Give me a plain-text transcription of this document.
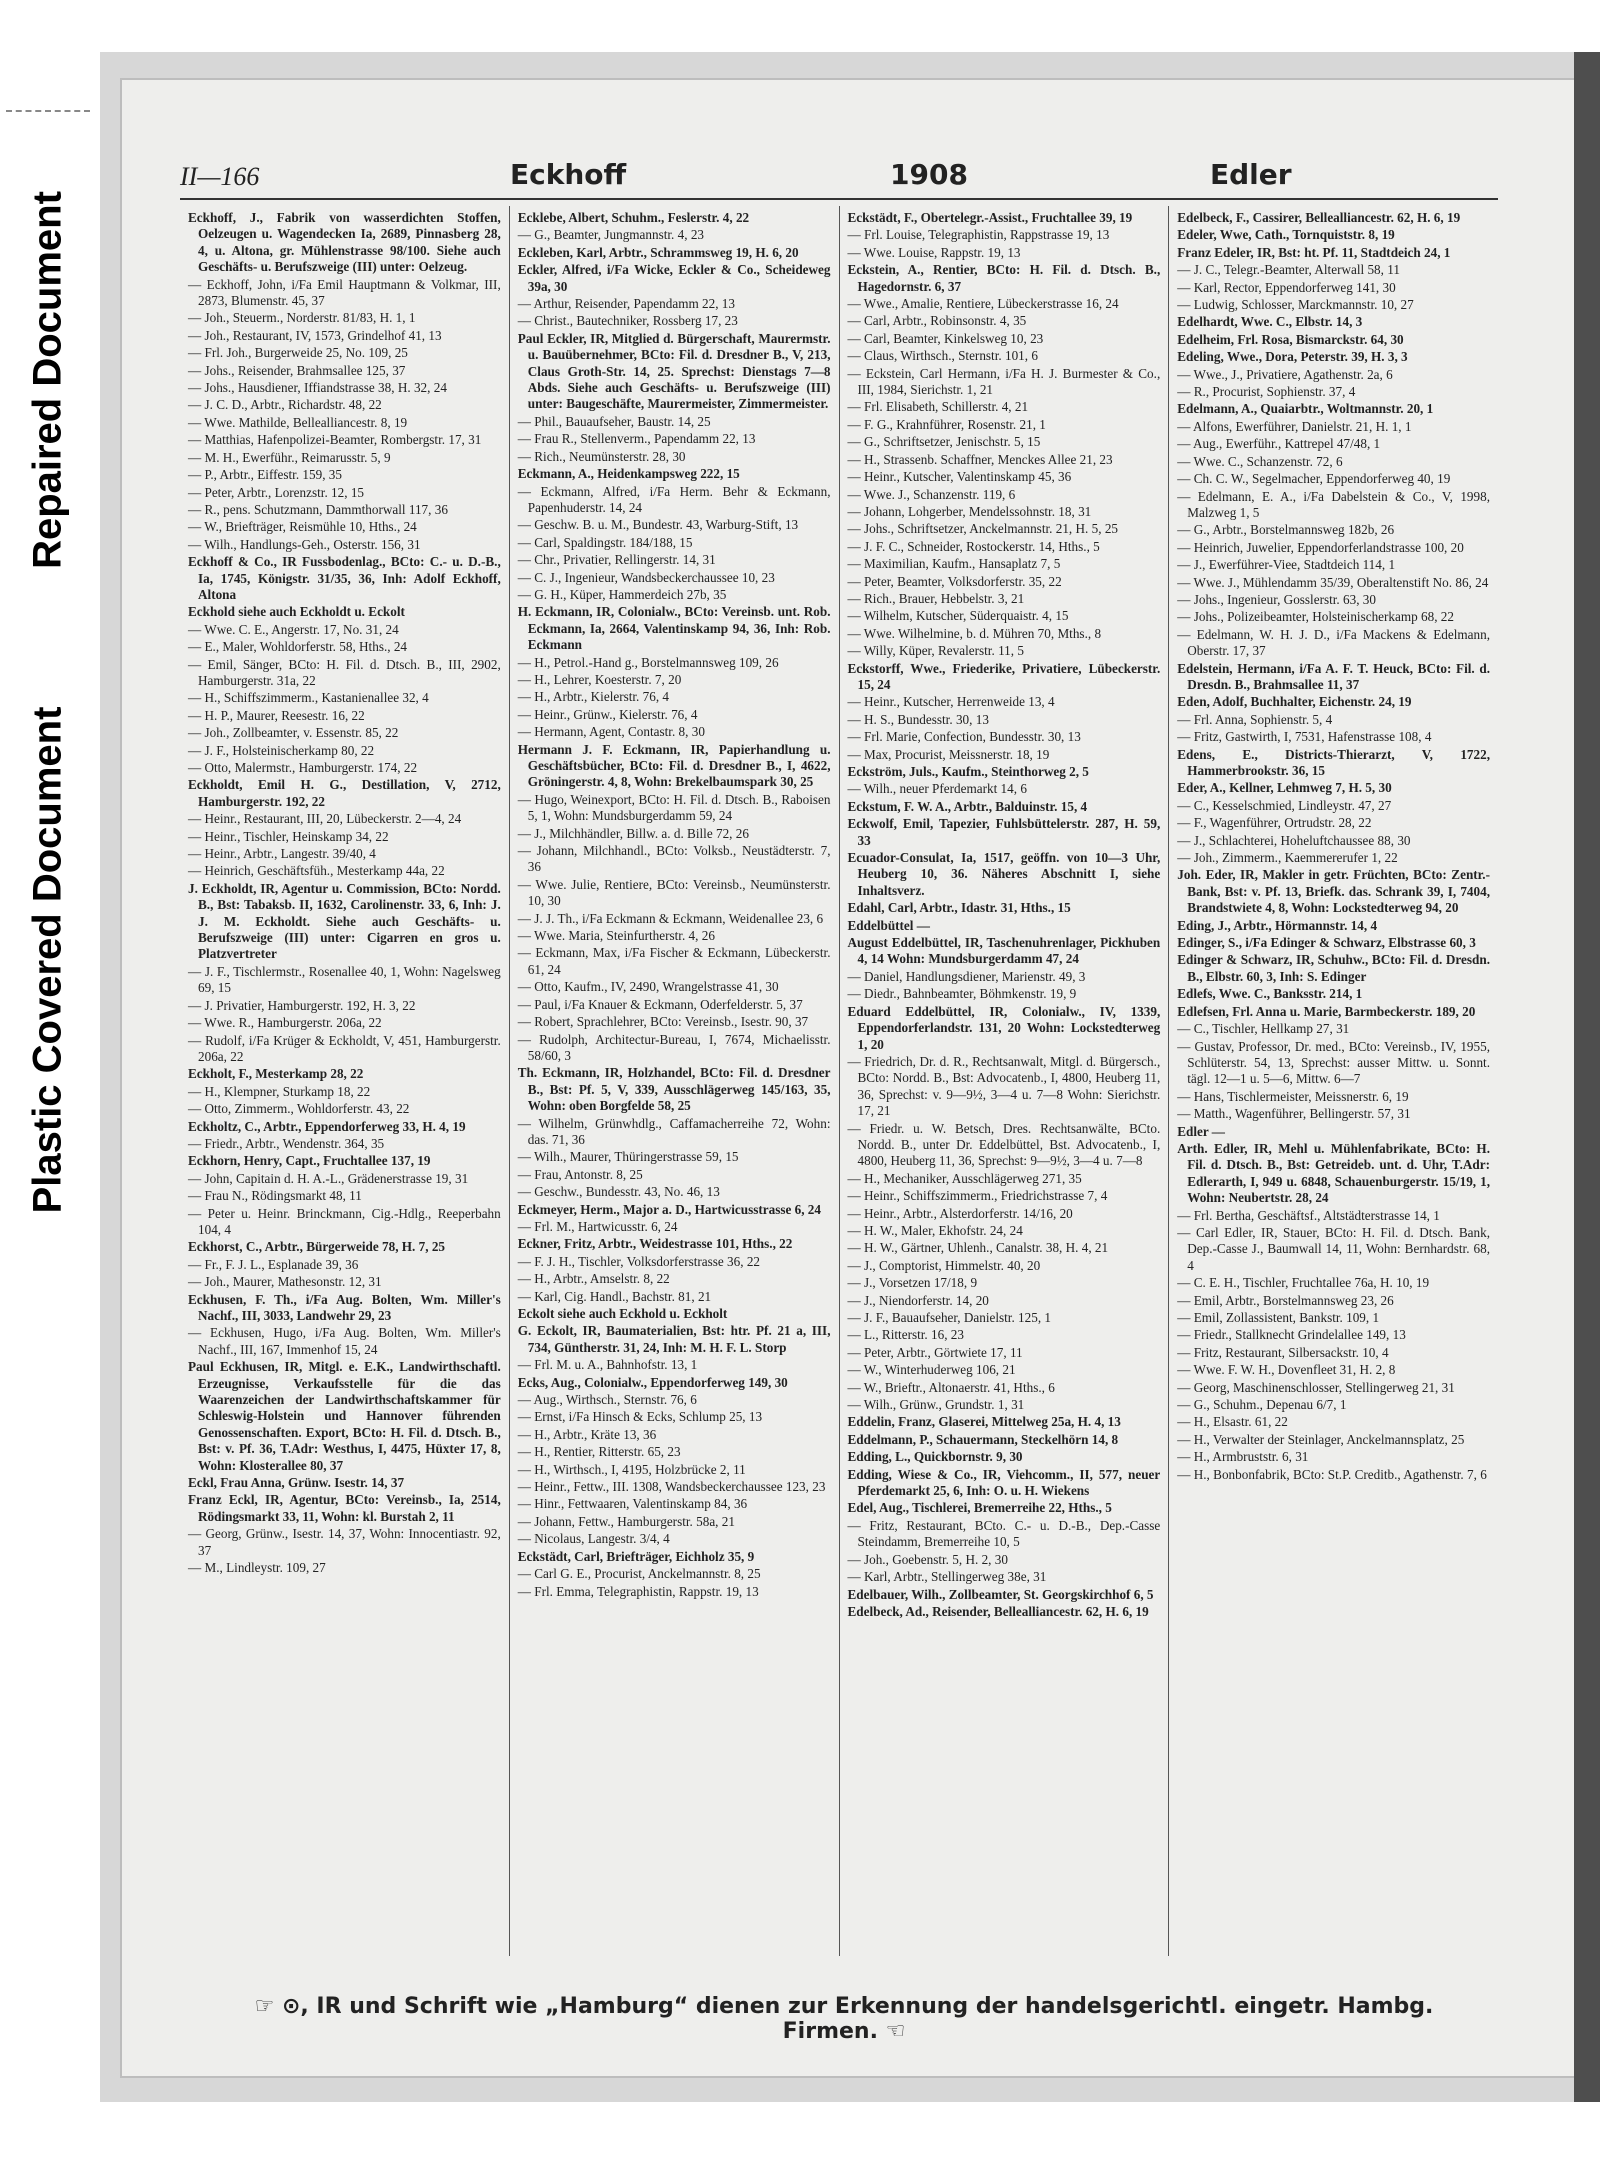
Repaired Document
Plastic Covered Document
II—166	Eckhoff	1908	Edler
Eckhoff, J., Fabrik von wasserdichten Stoffen, Oelzeugen u. Wagendecken Ia, 2689, Pinnasberg 28, 4, u. Altona, gr. Mühlenstrasse 98/100. Siehe auch Geschäfts- u. Berufszweige (III) unter: Oelzeug.
— Eckhoff, John, i/Fa Emil Hauptmann & Volkmar, III, 2873, Blumenstr. 45, 37
— Joh., Steuerm., Norderstr. 81/83, H. 1, 1
— Joh., Restaurant, IV, 1573, Grindelhof 41, 13
— Frl. Joh., Burgerweide 25, No. 109, 25
— Johs., Reisender, Brahmsallee 125, 37
— Johs., Hausdiener, Iffiandstrasse 38, H. 32, 24
— J. C. D., Arbtr., Richardstr. 48, 22
— Wwe. Mathilde, Bellealliancestr. 8, 19
— Matthias, Hafenpolizei-Beamter, Rombergstr. 17, 31
— M. H., Ewerführ., Reimarusstr. 5, 9
— P., Arbtr., Eiffestr. 159, 35
— Peter, Arbtr., Lorenzstr. 12, 15
— R., pens. Schutzmann, Dammthorwall 117, 36
— W., Briefträger, Reismühle 10, Hths., 24
— Wilh., Handlungs-Geh., Osterstr. 156, 31
Eckhoff & Co., IR Fussbodenlag., BCto: C.- u. D.-B., Ia, 1745, Königstr. 31/35, 36, Inh: Adolf Eckhoff, Altona
Eckhold siehe auch Eckholdt u. Eckolt
— Wwe. C. E., Angerstr. 17, No. 31, 24
— E., Maler, Wohldorferstr. 58, Hths., 24
— Emil, Sänger, BCto: H. Fil. d. Dtsch. B., III, 2902, Hamburgerstr. 31a, 22
— H., Schiffszimmerm., Kastanienallee 32, 4
— H. P., Maurer, Reesestr. 16, 22
— Joh., Zollbeamter, v. Essenstr. 85, 22
— J. F., Holsteinischerkamp 80, 22
— Otto, Malermstr., Hamburgerstr. 174, 22
Eckholdt, Emil H. G., Destillation, V, 2712, Hamburgerstr. 192, 22
— Heinr., Restaurant, III, 20, Lübeckerstr. 2—4, 24
— Heinr., Tischler, Heinskamp 34, 22
— Heinr., Arbtr., Langestr. 39/40, 4
— Heinrich, Geschäftsfüh., Mesterkamp 44a, 22
J. Eckholdt, IR, Agentur u. Commission, BCto: Nordd. B., Bst: Tabaksb. II, 1632, Carolinenstr. 33, 6, Inh: J. J. M. Eckholdt. Siehe auch Geschäfts- u. Berufszweige (III) unter: Cigarren en gros u. Platzvertreter
— J. F., Tischlermstr., Rosenallee 40, 1, Wohn: Nagelsweg 69, 15
— J. Privatier, Hamburgerstr. 192, H. 3, 22
— Wwe. R., Hamburgerstr. 206a, 22
— Rudolf, i/Fa Krüger & Eckholdt, V, 451, Hamburgerstr. 206a, 22
Eckholt, F., Mesterkamp 28, 22
— H., Klempner, Sturkamp 18, 22
— Otto, Zimmerm., Wohldorferstr. 43, 22
Eckholtz, C., Arbtr., Eppendorferweg 33, H. 4, 19
— Friedr., Arbtr., Wendenstr. 364, 35
Eckhorn, Henry, Capt., Fruchtallee 137, 19
— John, Capitain d. H. A.-L., Grädenerstrasse 19, 31
— Frau N., Rödingsmarkt 48, 11
— Peter u. Heinr. Brinckmann, Cig.-Hdlg., Reeperbahn 104, 4
Eckhorst, C., Arbtr., Bürgerweide 78, H. 7, 25
— Fr., F. J. L., Esplanade 39, 36
— Joh., Maurer, Mathesonstr. 12, 31
Eckhusen, F. Th., i/Fa Aug. Bolten, Wm. Miller's Nachf., III, 3033, Landwehr 29, 23
— Eckhusen, Hugo, i/Fa Aug. Bolten, Wm. Miller's Nachf., III, 167, Immenhof 15, 24
Paul Eckhusen, IR, Mitgl. e. E.K., Landwirthschaftl. Erzeugnisse, Verkaufsstelle für die das Waarenzeichen der Landwirthschaftskammer für Schleswig-Holstein und Hannover führenden Genossenschaften. Export, BCto: H. Fil. d. Dtsch. B., Bst: v. Pf. 36, T.Adr: Westhus, I, 4475, Hüxter 17, 8, Wohn: Klosterallee 80, 37
Eckl, Frau Anna, Grünw. Isestr. 14, 37
Franz Eckl, IR, Agentur, BCto: Vereinsb., Ia, 2514, Rödingsmarkt 33, 11, Wohn: kl. Burstah 2, 11
— Georg, Grünw., Isestr. 14, 37, Wohn: Innocentiastr. 92, 37
— M., Lindleystr. 109, 27
Ecklebe, Albert, Schuhm., Feslerstr. 4, 22
— G., Beamter, Jungmannstr. 4, 23
Eckleben, Karl, Arbtr., Schrammsweg 19, H. 6, 20
Eckler, Alfred, i/Fa Wicke, Eckler & Co., Scheideweg 39a, 30
— Arthur, Reisender, Papendamm 22, 13
— Christ., Bautechniker, Rossberg 17, 23
Paul Eckler, IR, Mitglied d. Bürgerschaft, Maurermstr. u. Bauübernehmer, BCto: Fil. d. Dresdner B., V, 213, Claus Groth-Str. 14, 25. Sprechst: Dienstags 7—8 Abds. Siehe auch Geschäfts- u. Berufszweige (III) unter: Baugeschäfte, Maurermeister, Zimmermeister.
— Phil., Bauaufseher, Baustr. 14, 25
— Frau R., Stellenverm., Papendamm 22, 13
— Rich., Neumünsterstr. 28, 30
Eckmann, A., Heidenkampsweg 222, 15
— Eckmann, Alfred, i/Fa Herm. Behr & Eckmann, Papenhuderstr. 14, 24
— Geschw. B. u. M., Bundestr. 43, Warburg-Stift, 13
— Carl, Spaldingstr. 184/188, 15
— Chr., Privatier, Rellingerstr. 14, 31
— C. J., Ingenieur, Wandsbeckerchaussee 10, 23
— G. H., Küper, Hammerdeich 27b, 35
H. Eckmann, IR, Colonialw., BCto: Vereinsb. unt. Rob. Eckmann, Ia, 2664, Valentinskamp 94, 36, Inh: Rob. Eckmann
— H., Petrol.-Hand g., Borstelmannsweg 109, 26
— H., Lehrer, Koesterstr. 7, 20
— H., Arbtr., Kielerstr. 76, 4
— Heinr., Grünw., Kielerstr. 76, 4
— Hermann, Agent, Contastr. 8, 30
Hermann J. F. Eckmann, IR, Papierhandlung u. Geschäftsbücher, BCto: Fil. d. Dresdner B., I, 4622, Gröningerstr. 4, 8, Wohn: Brekelbaumspark 30, 25
— Hugo, Weinexport, BCto: H. Fil. d. Dtsch. B., Raboisen 5, 1, Wohn: Mundsburgerdamm 59, 24
— J., Milchhändler, Billw. a. d. Bille 72, 26
— Johann, Milchhandl., BCto: Volksb., Neustädterstr. 7, 36
— Wwe. Julie, Rentiere, BCto: Vereinsb., Neumünsterstr. 10, 30
— J. J. Th., i/Fa Eckmann & Eckmann, Weidenallee 23, 6
— Wwe. Maria, Steinfurtherstr. 4, 26
— Eckmann, Max, i/Fa Fischer & Eckmann, Lübeckerstr. 61, 24
— Otto, Kaufm., IV, 2490, Wrangelstrasse 41, 30
— Paul, i/Fa Knauer & Eckmann, Oderfelderstr. 5, 37
— Robert, Sprachlehrer, BCto: Vereinsb., Isestr. 90, 37
— Rudolph, Architectur-Bureau, I, 7674, Michaelisstr. 58/60, 3
Th. Eckmann, IR, Holzhandel, BCto: Fil. d. Dresdner B., Bst: Pf. 5, V, 339, Ausschlägerweg 145/163, 35, Wohn: oben Borgfelde 58, 25
— Wilhelm, Grünwhdlg., Caffamacherreihe 72, Wohn: das. 71, 36
— Wilh., Maurer, Thüringerstrasse 59, 15
— Frau, Antonstr. 8, 25
— Geschw., Bundesstr. 43, No. 46, 13
Eckmeyer, Herm., Major a. D., Hartwicusstrasse 6, 24
— Frl. M., Hartwicusstr. 6, 24
Eckner, Fritz, Arbtr., Weidestrasse 101, Hths., 22
— F. J. H., Tischler, Volksdorferstrasse 36, 22
— H., Arbtr., Amselstr. 8, 22
— Karl, Cig. Handl., Bachstr. 81, 21
Eckolt siehe auch Eckhold u. Eckholt
G. Eckolt, IR, Baumaterialien, Bst: htr. Pf. 21 a, III, 734, Güntherstr. 31, 24, Inh: M. H. F. L. Storp
— Frl. M. u. A., Bahnhofstr. 13, 1
Ecks, Aug., Colonialw., Eppendorferweg 149, 30
— Aug., Wirthsch., Sternstr. 76, 6
— Ernst, i/Fa Hinsch & Ecks, Schlump 25, 13
— H., Arbtr., Kräte 13, 36
— H., Rentier, Ritterstr. 65, 23
— H., Wirthsch., I, 4195, Holzbrücke 2, 11
— Heinr., Fettw., III. 1308, Wandsbeckerchaussee 123, 23
— Hinr., Fettwaaren, Valentinskamp 84, 36
— Johann, Fettw., Hamburgerstr. 58a, 21
— Nicolaus, Langestr. 3/4, 4
Eckstädt, Carl, Briefträger, Eichholz 35, 9
— Carl G. E., Procurist, Anckelmannstr. 8, 25
— Frl. Emma, Telegraphistin, Rappstr. 19, 13
Eckstädt, F., Obertelegr.-Assist., Fruchtallee 39, 19
— Frl. Louise, Telegraphistin, Rappstrasse 19, 13
— Wwe. Louise, Rappstr. 19, 13
Eckstein, A., Rentier, BCto: H. Fil. d. Dtsch. B., Hagedornstr. 6, 37
— Wwe., Amalie, Rentiere, Lübeckerstrasse 16, 24
— Carl, Arbtr., Robinsonstr. 4, 35
— Carl, Beamter, Kinkelsweg 10, 23
— Claus, Wirthsch., Sternstr. 101, 6
— Eckstein, Carl Hermann, i/Fa H. J. Burmester & Co., III, 1984, Sierichstr. 1, 21
— Frl. Elisabeth, Schillerstr. 4, 21
— F. G., Krahnführer, Rosenstr. 21, 1
— G., Schriftsetzer, Jenischstr. 5, 15
— H., Strassenb. Schaffner, Menckes Allee 21, 23
— Heinr., Kutscher, Valentinskamp 45, 36
— Wwe. J., Schanzenstr. 119, 6
— Johann, Lohgerber, Mendelssohnstr. 18, 31
— Johs., Schriftsetzer, Anckelmannstr. 21, H. 5, 25
— J. F. C., Schneider, Rostockerstr. 14, Hths., 5
— Maximilian, Kaufm., Hansaplatz 7, 5
— Peter, Beamter, Volksdorferstr. 35, 22
— Rich., Brauer, Hebbelstr. 3, 21
— Wilhelm, Kutscher, Süderquaistr. 4, 15
— Wwe. Wilhelmine, b. d. Mühren 70, Mths., 8
— Willy, Küper, Revalerstr. 11, 5
Eckstorff, Wwe., Friederike, Privatiere, Lübeckerstr. 15, 24
— Heinr., Kutscher, Herrenweide 13, 4
— H. S., Bundesstr. 30, 13
— Frl. Marie, Confection, Bundesstr. 30, 13
— Max, Procurist, Meissnerstr. 18, 19
Eckström, Juls., Kaufm., Steinthorweg 2, 5
— Wilh., neuer Pferdemarkt 14, 6
Eckstum, F. W. A., Arbtr., Balduinstr. 15, 4
Eckwolf, Emil, Tapezier, Fuhlsbüttelerstr. 287, H. 59, 33
Ecuador-Consulat, Ia, 1517, geöffn. von 10—3 Uhr, Heuberg 10, 36. Näheres Abschnitt I, siehe Inhaltsverz.
Edahl, Carl, Arbtr., Idastr. 31, Hths., 15
Eddelbüttel —
August Eddelbüttel, IR, Taschenuhrenlager, Pickhuben 4, 14 Wohn: Mundsburgerdamm 47, 24
— Daniel, Handlungsdiener, Marienstr. 49, 3
— Diedr., Bahnbeamter, Böhmkenstr. 19, 9
Eduard Eddelbüttel, IR, Colonialw., IV, 1339, Eppendorferlandstr. 131, 20 Wohn: Lockstedterweg 1, 20
— Friedrich, Dr. d. R., Rechtsanwalt, Mitgl. d. Bürgersch., BCto: Nordd. B., Bst: Advocatenb., I, 4800, Heuberg 11, 36, Sprechst: v. 9—9½, 3—4 u. 7—8 Wohn: Sierichstr. 17, 21
— Friedr. u. W. Betsch, Dres. Rechtsanwälte, BCto. Nordd. B., unter Dr. Eddelbüttel, Bst. Advocatenb., I, 4800, Heuberg 11, 36, Sprechst: 9—9½, 3—4 u. 7—8
— H., Mechaniker, Ausschlägerweg 271, 35
— Heinr., Schiffszimmerm., Friedrichstrasse 7, 4
— Heinr., Arbtr., Alsterdorferstr. 14/16, 20
— H. W., Maler, Ekhofstr. 24, 24
— H. W., Gärtner, Uhlenh., Canalstr. 38, H. 4, 21
— J., Comptorist, Himmelstr. 40, 20
— J., Vorsetzen 17/18, 9
— J., Niendorferstr. 14, 20
— J. F., Bauaufseher, Danielstr. 125, 1
— L., Ritterstr. 16, 23
— Peter, Arbtr., Görtwiete 17, 11
— W., Winterhuderweg 106, 21
— W., Brieftr., Altonaerstr. 41, Hths., 6
— Wilh., Grünw., Grundstr. 1, 31
Eddelin, Franz, Glaserei, Mittelweg 25a, H. 4, 13
Eddelmann, P., Schauermann, Steckelhörn 14, 8
Edding, L., Quickbornstr. 9, 30
Edding, Wiese & Co., IR, Viehcomm., II, 577, neuer Pferdemarkt 25, 6, Inh: O. u. H. Wiekens
Edel, Aug., Tischlerei, Bremerreihe 22, Hths., 5
— Fritz, Restaurant, BCto. C.- u. D.-B., Dep.-Casse Steindamm, Bremerreihe 10, 5
— Joh., Goebenstr. 5, H. 2, 30
— Karl, Arbtr., Stellingerweg 38e, 31
Edelbauer, Wilh., Zollbeamter, St. Georgskirchhof 6, 5
Edelbeck, Ad., Reisender, Bellealliancestr. 62, H. 6, 19
Edelbeck, F., Cassirer, Bellealliancestr. 62, H. 6, 19
Edeler, Wwe, Cath., Tornquiststr. 8, 19
Franz Edeler, IR, Bst: ht. Pf. 11, Stadtdeich 24, 1
— J. C., Telegr.-Beamter, Alterwall 58, 11
— Karl, Rector, Eppendorferweg 141, 30
— Ludwig, Schlosser, Marckmannstr. 10, 27
Edelhardt, Wwe. C., Elbstr. 14, 3
Edelheim, Frl. Rosa, Bismarckstr. 64, 30
Edeling, Wwe., Dora, Peterstr. 39, H. 3, 3
— Wwe., J., Privatiere, Agathenstr. 2a, 6
— R., Procurist, Sophienstr. 37, 4
Edelmann, A., Quaiarbtr., Woltmannstr. 20, 1
— Alfons, Ewerführer, Danielstr. 21, H. 1, 1
— Aug., Ewerführ., Kattrepel 47/48, 1
— Wwe. C., Schanzenstr. 72, 6
— Ch. C. W., Segelmacher, Eppendorferweg 40, 19
— Edelmann, E. A., i/Fa Dabelstein & Co., V, 1998, Malzweg 1, 5
— G., Arbtr., Borstelmannsweg 182b, 26
— Heinrich, Juwelier, Eppendorferlandstrasse 100, 20
— J., Ewerführer-Viee, Stadtdeich 114, 1
— Wwe. J., Mühlendamm 35/39, Oberaltenstift No. 86, 24
— Johs., Ingenieur, Gosslerstr. 63, 30
— Johs., Polizeibeamter, Holsteinischerkamp 68, 22
— Edelmann, W. H. J. D., i/Fa Mackens & Edelmann, Oberstr. 17, 37
Edelstein, Hermann, i/Fa A. F. T. Heuck, BCto: Fil. d. Dresdn. B., Brahmsallee 11, 37
Eden, Adolf, Buchhalter, Eichenstr. 24, 19
— Frl. Anna, Sophienstr. 5, 4
— Fritz, Gastwirth, I, 7531, Hafenstrasse 108, 4
Edens, E., Districts-Thierarzt, V, 1722, Hammerbrookstr. 36, 15
Eder, A., Kellner, Lehmweg 7, H. 5, 30
— C., Kesselschmied, Lindleystr. 47, 27
— F., Wagenführer, Ortrudstr. 28, 22
— J., Schlachterei, Hoheluftchaussee 88, 30
— Joh., Zimmerm., Kaemmererufer 1, 22
Joh. Eder, IR, Makler in getr. Früchten, BCto: Zentr.-Bank, Bst: v. Pf. 13, Briefk. das. Schrank 39, I, 7404, Brandstwiete 4, 8, Wohn: Lockstedterweg 94, 20
Eding, J., Arbtr., Hörmannstr. 14, 4
Edinger, S., i/Fa Edinger & Schwarz, Elbstrasse 60, 3
Edinger & Schwarz, IR, Schuhw., BCto: Fil. d. Dresdn. B., Elbstr. 60, 3, Inh: S. Edinger
Edlefs, Wwe. C., Banksstr. 214, 1
Edlefsen, Frl. Anna u. Marie, Barmbeckerstr. 189, 20
— C., Tischler, Hellkamp 27, 31
— Gustav, Professor, Dr. med., BCto: Vereinsb., IV, 1955, Schlüterstr. 54, 13, Sprechst: ausser Mittw. u. Sonnt. tägl. 12—1 u. 5—6, Mittw. 6—7
— Hans, Tischlermeister, Meissnerstr. 6, 19
— Matth., Wagenführer, Bellingerstr. 57, 31
Edler —
Arth. Edler, IR, Mehl u. Mühlenfabrikate, BCto: H. Fil. d. Dtsch. B., Bst: Getreideb. unt. d. Uhr, T.Adr: Edlerarth, I, 949 u. 6848, Schauenburgerstr. 15/19, 1, Wohn: Neubertstr. 28, 24
— Frl. Bertha, Geschäftsf., Altstädterstrasse 14, 1
— Carl Edler, IR, Stauer, BCto: H. Fil. d. Dtsch. Bank, Dep.-Casse J., Baumwall 14, 11, Wohn: Bernhardstr. 68, 4
— C. E. H., Tischler, Fruchtallee 76a, H. 10, 19
— Emil, Arbtr., Borstelmannsweg 23, 26
— Emil, Zollassistent, Bankstr. 109, 1
— Friedr., Stallknecht Grindelallee 149, 13
— Fritz, Restaurant, Silbersackstr. 10, 4
— Wwe. F. W. H., Dovenfleet 31, H. 2, 8
— Georg, Maschinenschlosser, Stellingerweg 21, 31
— G., Schuhm., Depenau 6/7, 1
— H., Elsastr. 61, 22
— H., Verwalter der Steinlager, Anckelmannsplatz, 25
— H., Armbruststr. 6, 31
— H., Bonbonfabrik, BCto: St.P. Creditb., Agathenstr. 7, 6
☞ ⊙, IR und Schrift wie „Hamburg“ dienen zur Erkennung der handelsgerichtl. eingetr. Hambg. Firmen. ☜
